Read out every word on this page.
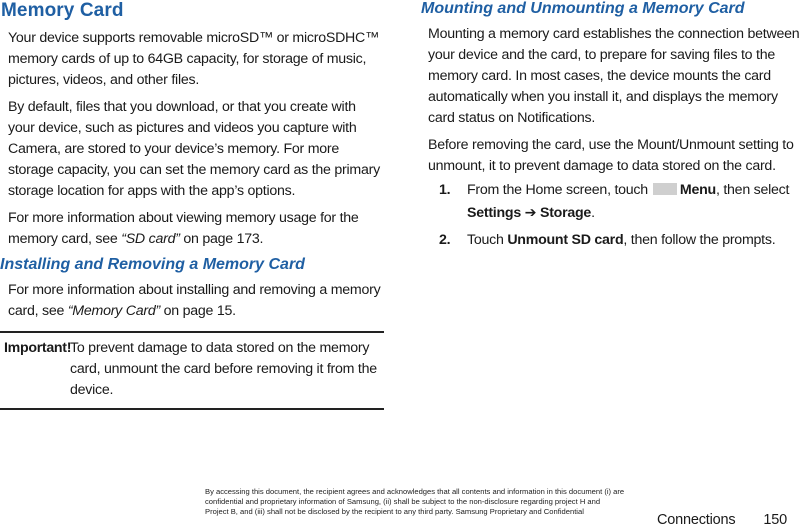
Memory Card

Your device supports removable microSD™ or microSDHC™ memory cards of up to 64GB capacity, for storage of music, pictures, videos, and other files.

By default, files that you download, or that you create with your device, such as pictures and videos you capture with Camera, are stored to your device’s memory. For more storage capacity, you can set the memory card as the primary storage location for apps with the app’s options.

For more information about viewing memory usage for the memory card, see “SD card” on page 173.

Installing and Removing a Memory Card

For more information about installing and removing a memory card, see “Memory Card” on page 15.

Important!
To prevent damage to data stored on the memory card, unmount the card before removing it from the device.
Mounting and Unmounting a Memory Card

Mounting a memory card establishes the connection between your device and the card, to prepare for saving files to the memory card. In most cases, the device mounts the card automatically when you install it, and displays the memory card status on Notifications.

Before removing the card, use the Mount/Unmount setting to unmount, it to prevent damage to data stored on the card.

1. From the Home screen, touch Menu, then select
Settings ➔ Storage.
2. Touch Unmount SD card, then follow the prompts.
By accessing this document, the recipient agrees and acknowledges that all contents and information in this document (i) are confidential and proprietary information of Samsung, (ii) shall be subject to the non-disclosure regarding project H and Project B, and (iii) shall not be disclosed by the recipient to any third party. Samsung Proprietary and Confidential
Connections 150
